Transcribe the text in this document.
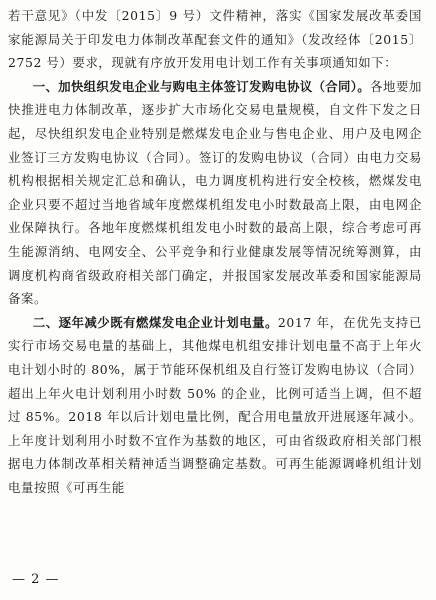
若干意见》（中发〔2015〕9 号）文件精神，落实《国家发展改革委国家能源局关于印发电力体制改革配套文件的通知》（发改经体〔2015〕2752 号）要求，现就有序放开发用电计划工作有关事项通知如下：

一、加快组织发电企业与购电主体签订发购电协议（合同）。各地要加快推进电力体制改革，逐步扩大市场化交易电量规模，自文件下发之日起，尽快组织发电企业特别是燃煤发电企业与售电企业、用户及电网企业签订三方发购电协议（合同）。签订的发购电协议（合同）由电力交易机构根据相关规定汇总和确认，电力调度机构进行安全校核，燃煤发电企业只要不超过当地省域年度燃煤机组发电小时数最高上限，由电网企业保障执行。各地年度燃煤机组发电小时数的最高上限，综合考虑可再生能源消纳、电网安全、公平竞争和行业健康发展等情况统筹测算，由调度机构商省级政府相关部门确定，并报国家发展改革委和国家能源局备案。

二、逐年减少既有燃煤发电企业计划电量。2017 年，在优先支持已实行市场交易电量的基础上，其他煤电机组安排计划电量不高于上年火电计划小时的 80%，属于节能环保机组及自行签订发购电协议（合同）超出上年火电计划利用小时数 50% 的企业，比例可适当上调，但不超过 85%。2018 年以后计划电量比例，配合用电量放开进展逐年减小。上年度计划利用小时数不宜作为基数的地区，可由省级政府相关部门根据电力体制改革相关精神适当调整确定基数。可再生能源调峰机组计划电量按照《可再生能

— 2 —
